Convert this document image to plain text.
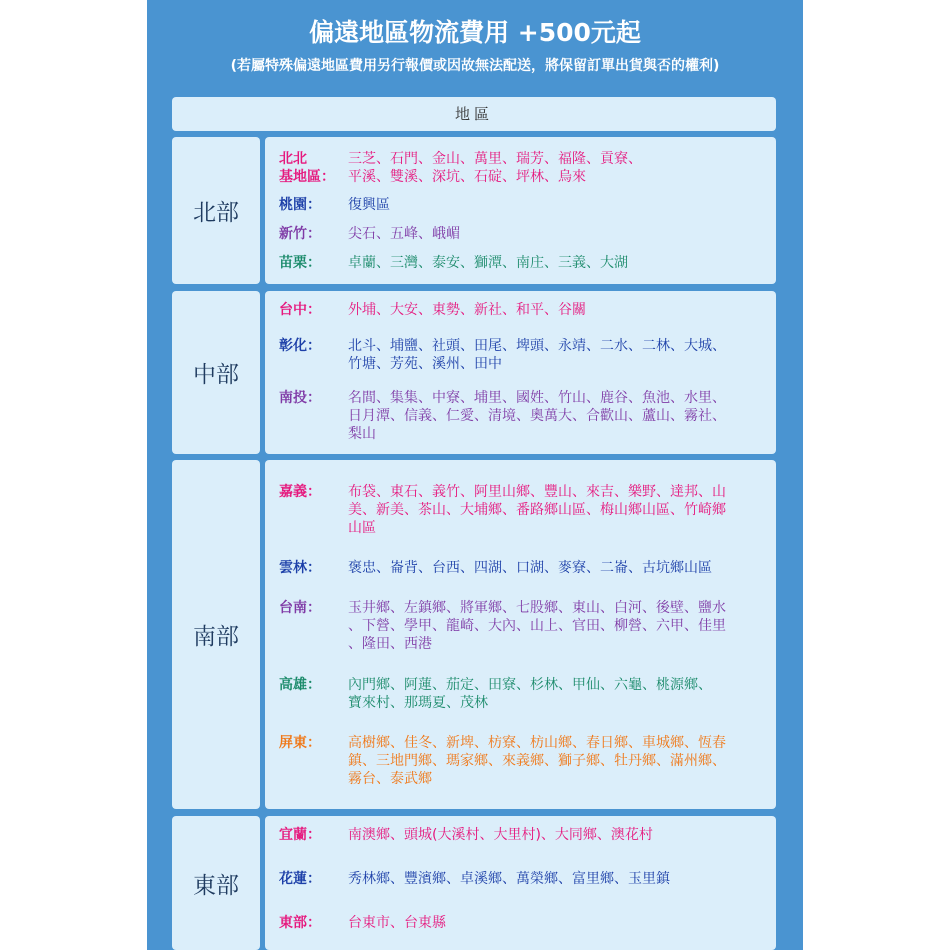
偏遠地區物流費用 +500元起
(若屬特殊偏遠地區費用另行報價或因故無法配送，將保留訂單出貨與否的權利)
地區
北部
北北
基地區：
三芝、石門、金山、萬里、瑞芳、福隆、貢寮、
平溪、雙溪、深坑、石碇、坪林、烏來
桃園： 復興區
新竹： 尖石、五峰、峨嵋
苗栗： 卓蘭、三灣、泰安、獅潭、南庄、三義、大湖
中部
台中： 外埔、大安、東勢、新社、和平、谷關
彰化： 北斗、埔鹽、社頭、田尾、埤頭、永靖、二水、二林、大城、
竹塘、芳苑、溪州、田中
南投： 名間、集集、中寮、埔里、國姓、竹山、鹿谷、魚池、水里、
日月潭、信義、仁愛、清境、奧萬大、合歡山、蘆山、霧社、
梨山
南部
嘉義： 布袋、東石、義竹、阿里山鄉、豐山、來吉、樂野、達邦、山
美、新美、茶山、大埔鄉、番路鄉山區、梅山鄉山區、竹崎鄉
山區
雲林： 褒忠、崙背、台西、四湖、口湖、麥寮、二崙、古坑鄉山區
台南： 玉井鄉、左鎮鄉、將軍鄉、七股鄉、東山、白河、後壁、鹽水
、下營、學甲、龍崎、大內、山上、官田、柳營、六甲、佳里
、隆田、西港
高雄： 內門鄉、阿蓮、茄定、田寮、杉林、甲仙、六龜、桃源鄉、
寶來村、那瑪夏、茂林
屏東： 高樹鄉、佳冬、新埤、枋寮、枋山鄉、春日鄉、車城鄉、恆春
鎮、三地門鄉、瑪家鄉、來義鄉、獅子鄉、牡丹鄉、滿州鄉、
霧台、泰武鄉
東部
宜蘭： 南澳鄉、頭城(大溪村、大里村)、大同鄉、澳花村
花蓮： 秀林鄉、豐濱鄉、卓溪鄉、萬榮鄉、富里鄉、玉里鎮
東部： 台東市、台東縣
